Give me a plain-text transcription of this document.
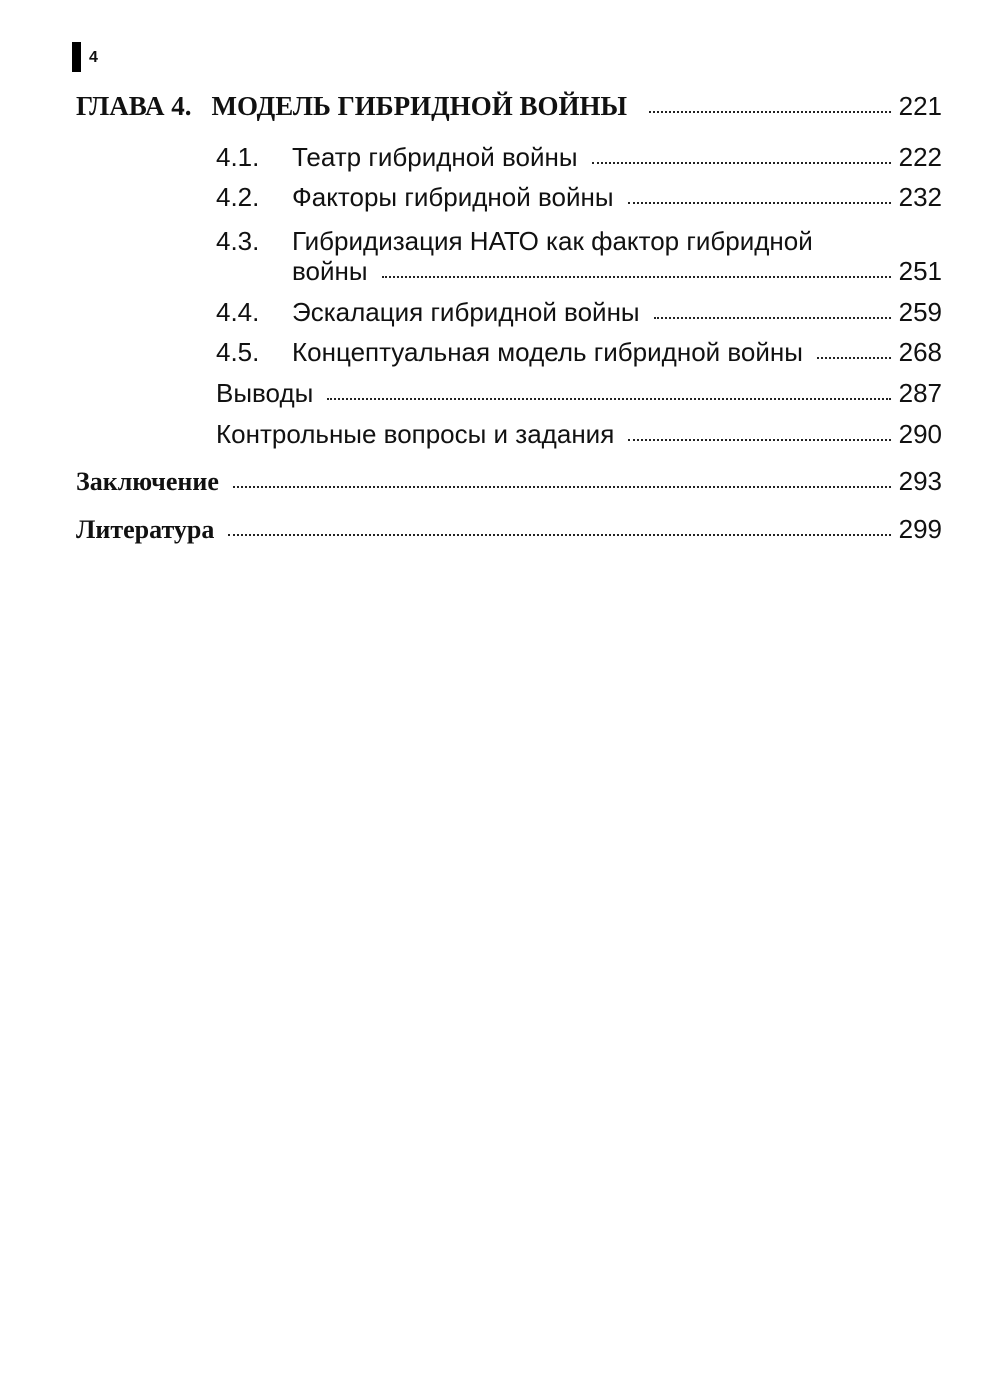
4
ГЛАВА 4. МОДЕЛЬ ГИБРИДНОЙ ВОЙНЫ	221
4.1.	Театр гибридной войны	222
4.2.	Факторы гибридной войны	232
4.3.	Гибридизация НАТО как фактор гибридной
войны	251
4.4.	Эскалация гибридной войны	259
4.5.	Концептуальная модель гибридной войны	268
Выводы	287
Контрольные вопросы и задания	290
Заключение	293
Литература	299
